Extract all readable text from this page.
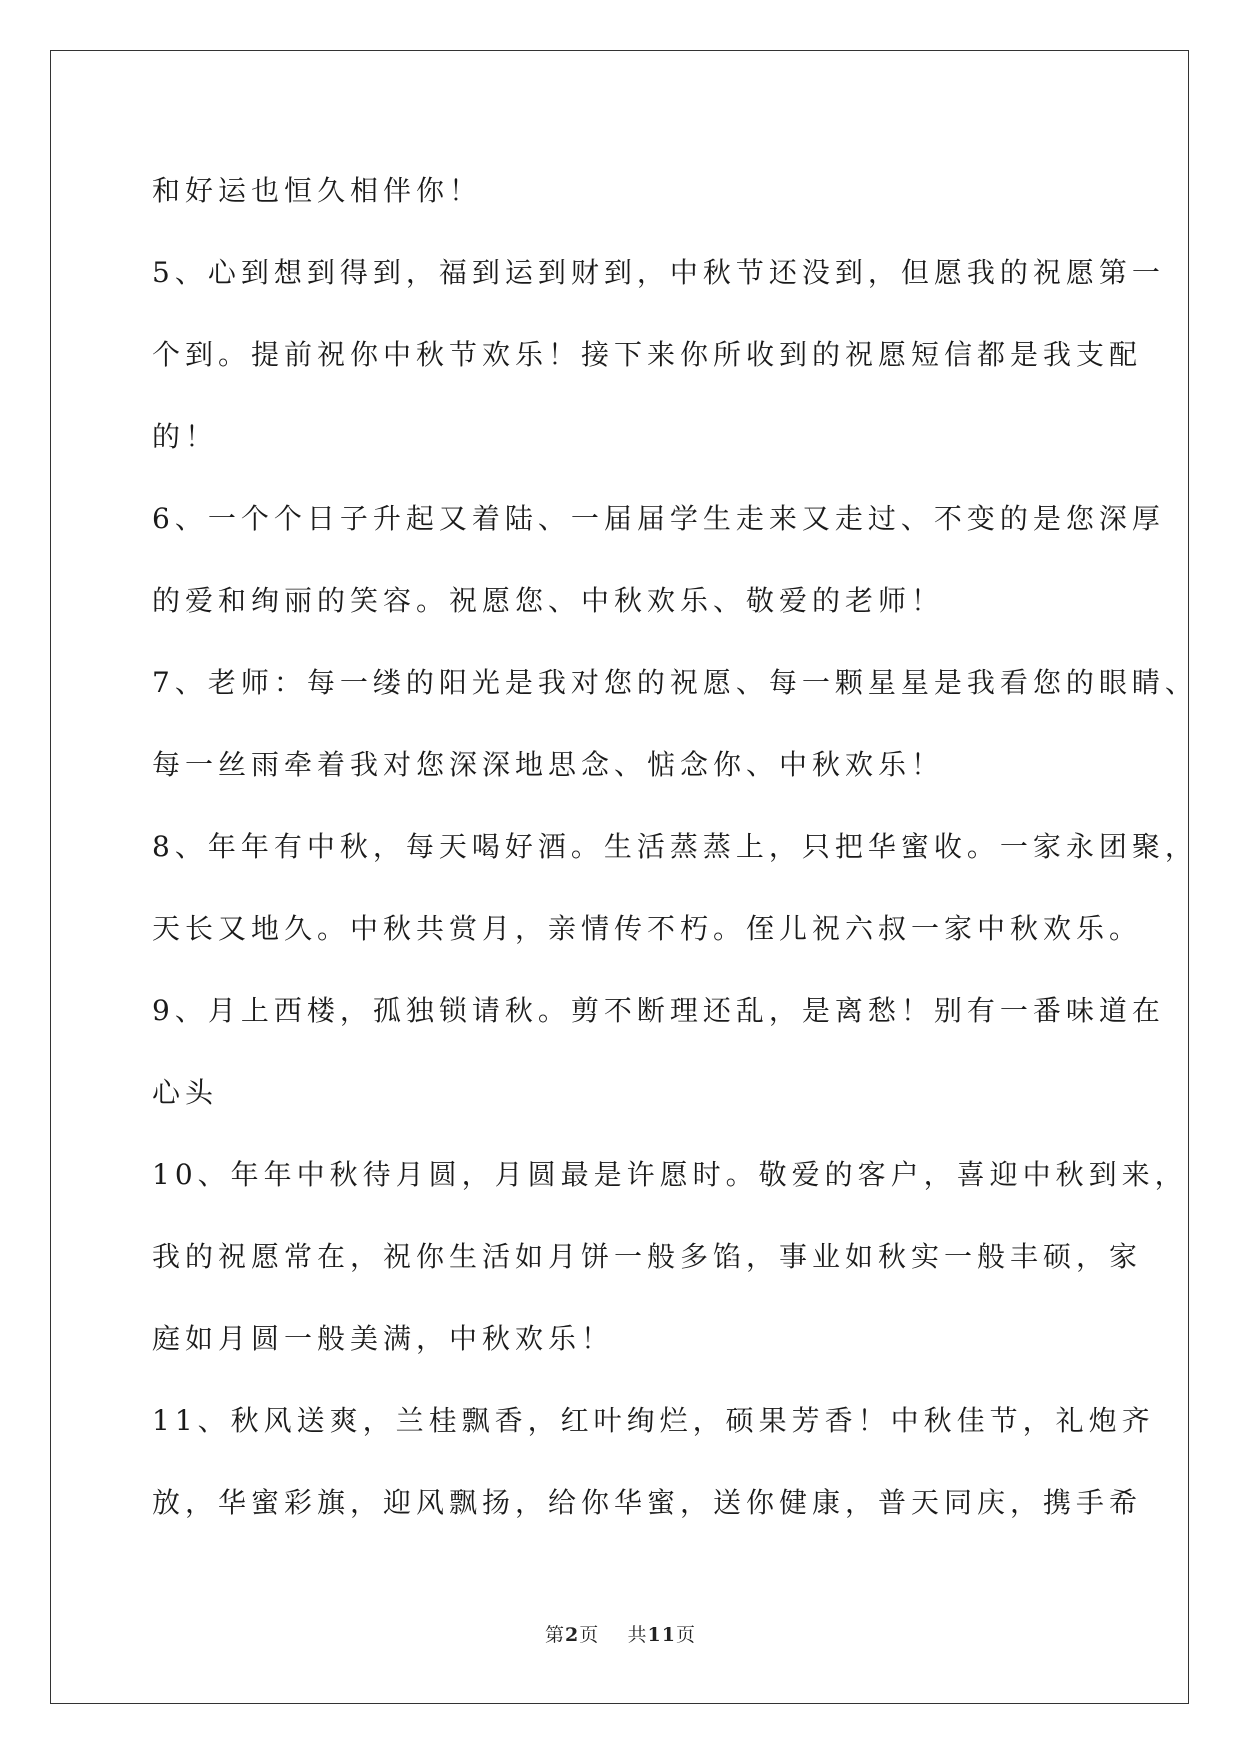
和好运也恒久相伴你！

5、心到想到得到，福到运到财到，中秋节还没到，但愿我的祝愿第一

个到。提前祝你中秋节欢乐！接下来你所收到的祝愿短信都是我支配

的！

6、一个个日子升起又着陆、一届届学生走来又走过、不变的是您深厚

的爱和绚丽的笑容。祝愿您、中秋欢乐、敬爱的老师！

7、老师：每一缕的阳光是我对您的祝愿、每一颗星星是我看您的眼睛、

每一丝雨牵着我对您深深地思念、惦念你、中秋欢乐！

8、年年有中秋，每天喝好酒。生活蒸蒸上，只把华蜜收。一家永团聚，

天长又地久。中秋共赏月，亲情传不朽。侄儿祝六叔一家中秋欢乐。

9、月上西楼，孤独锁请秋。剪不断理还乱，是离愁！别有一番味道在

心头

10、年年中秋待月圆，月圆最是许愿时。敬爱的客户，喜迎中秋到来，

我的祝愿常在，祝你生活如月饼一般多馅，事业如秋实一般丰硕，家

庭如月圆一般美满，中秋欢乐！

11、秋风送爽，兰桂飘香，红叶绚烂，硕果芳香！中秋佳节，礼炮齐

放，华蜜彩旗，迎风飘扬，给你华蜜，送你健康，普天同庆，携手希

第2页 共11页
